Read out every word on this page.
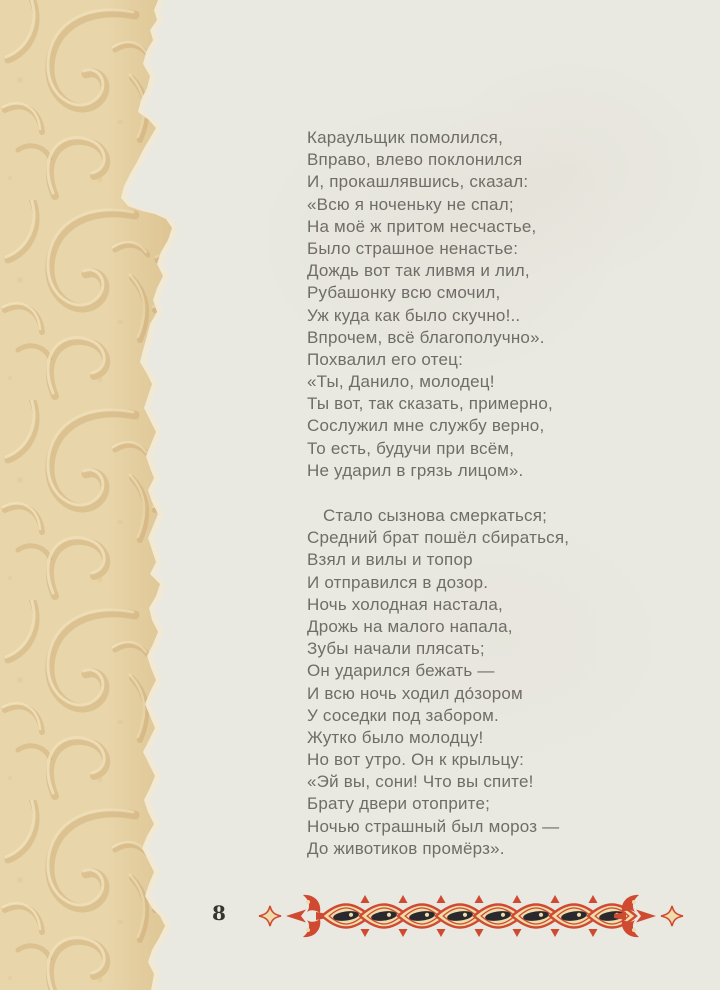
Караульщик помолился,
Вправо, влево поклонился
И, прокашлявшись, сказал:
«Всю я ноченьку не спал;
На моё ж притом несчастье,
Было страшное ненастье:
Дождь вот так ливмя и лил,
Рубашонку всю смочил,
Уж куда как было скучно!..
Впрочем, всё благополучно».
Похвалил его отец:
«Ты, Данило, молодец!
Ты вот, так сказать, примерно,
Сослужил мне службу верно,
То есть, будучи при всём,
Не ударил в грязь лицом».
Стало сызнова смеркаться;
Средний брат пошёл сбираться,
Взял и вилы и топор
И отправился в дозор.
Ночь холодная настала,
Дрожь на малого напала,
Зубы начали плясать;
Он ударился бежать —
И всю ночь ходил до́зором
У соседки под забором.
Жутко было молодцу!
Но вот утро. Он к крыльцу:
«Эй вы, сони! Что вы спите!
Брату двери отоприте;
Ночью страшный был мороз —
До животиков промёрз».
8
